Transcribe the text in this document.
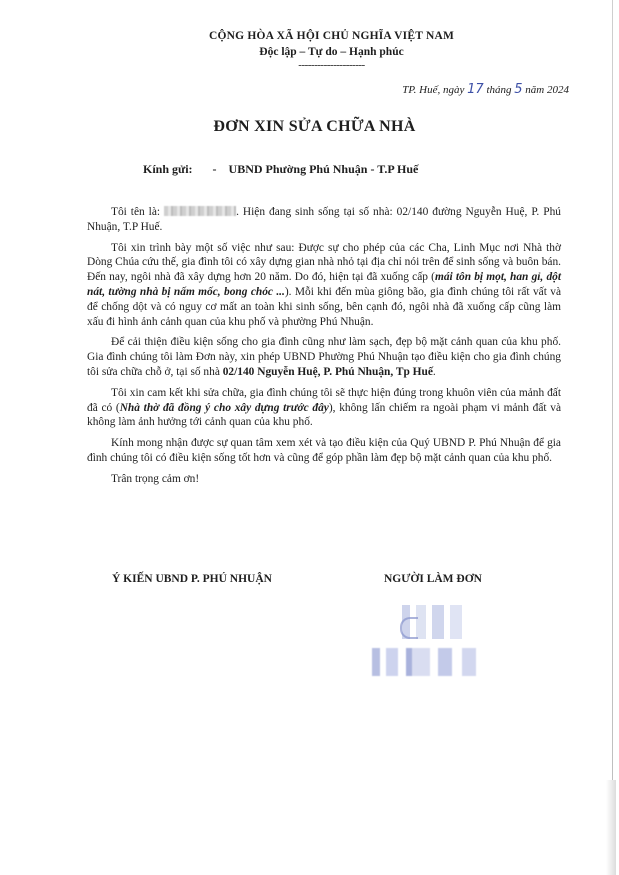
CỘNG HÒA XÃ HỘI CHỦ NGHĨA VIỆT NAM
Độc lập – Tự do – Hạnh phúc
---------------------
TP. Huế, ngày 17 tháng 5 năm 2024
ĐƠN XIN SỬA CHỮA NHÀ
Kính gửi: - UBND Phường Phú Nhuận - T.P Huế

Tôi tên là:	. Hiện đang sinh sống tại số nhà: 02/140 đường Nguyễn Huệ, P. Phú Nhuận, T.P Huế.

Tôi xin trình bày một số việc như sau: Được sự cho phép của các Cha, Linh Mục nơi Nhà thờ Dòng Chúa cứu thế, gia đình tôi có xây dựng gian nhà nhỏ tại địa chỉ nói trên để sinh sống và buôn bán. Đến nay, ngôi nhà đã xây dựng hơn 20 năm. Do đó, hiện tại đã xuống cấp (mái tôn bị mọt, han gỉ, dột nát, tường nhà bị nấm mốc, bong chóc ...). Mỗi khi đến mùa giông bão, gia đình chúng tôi rất vất và để chống dột và có nguy cơ mất an toàn khi sinh sống, bên cạnh đó, ngôi nhà đã xuống cấp cũng làm xấu đi hình ảnh cảnh quan của khu phố và phường Phú Nhuận.

Để cải thiện điều kiện sống cho gia đình cũng như làm sạch, đẹp bộ mặt cảnh quan của khu phố. Gia đình chúng tôi làm Đơn này, xin phép UBND Phường Phú Nhuận tạo điều kiện cho gia đình chúng tôi sửa chữa chỗ ở, tại số nhà 02/140 Nguyễn Huệ, P. Phú Nhuận, Tp Huế.

Tôi xin cam kết khi sửa chữa, gia đình chúng tôi sẽ thực hiện đúng trong khuôn viên của mảnh đất đã có (Nhà thờ đã đồng ý cho xây dựng trước đây), không lấn chiếm ra ngoài phạm vi mảnh đất và không làm ảnh hưởng tới cảnh quan của khu phố.

Kính mong nhận được sự quan tâm xem xét và tạo điều kiện của Quý UBND P. Phú Nhuận để gia đình chúng tôi có điều kiện sống tốt hơn và cũng để góp phần làm đẹp bộ mặt cảnh quan của khu phố.

Trân trọng cảm ơn!

Ý KIẾN UBND P. PHÚ NHUẬN	NGƯỜI LÀM ĐƠN
